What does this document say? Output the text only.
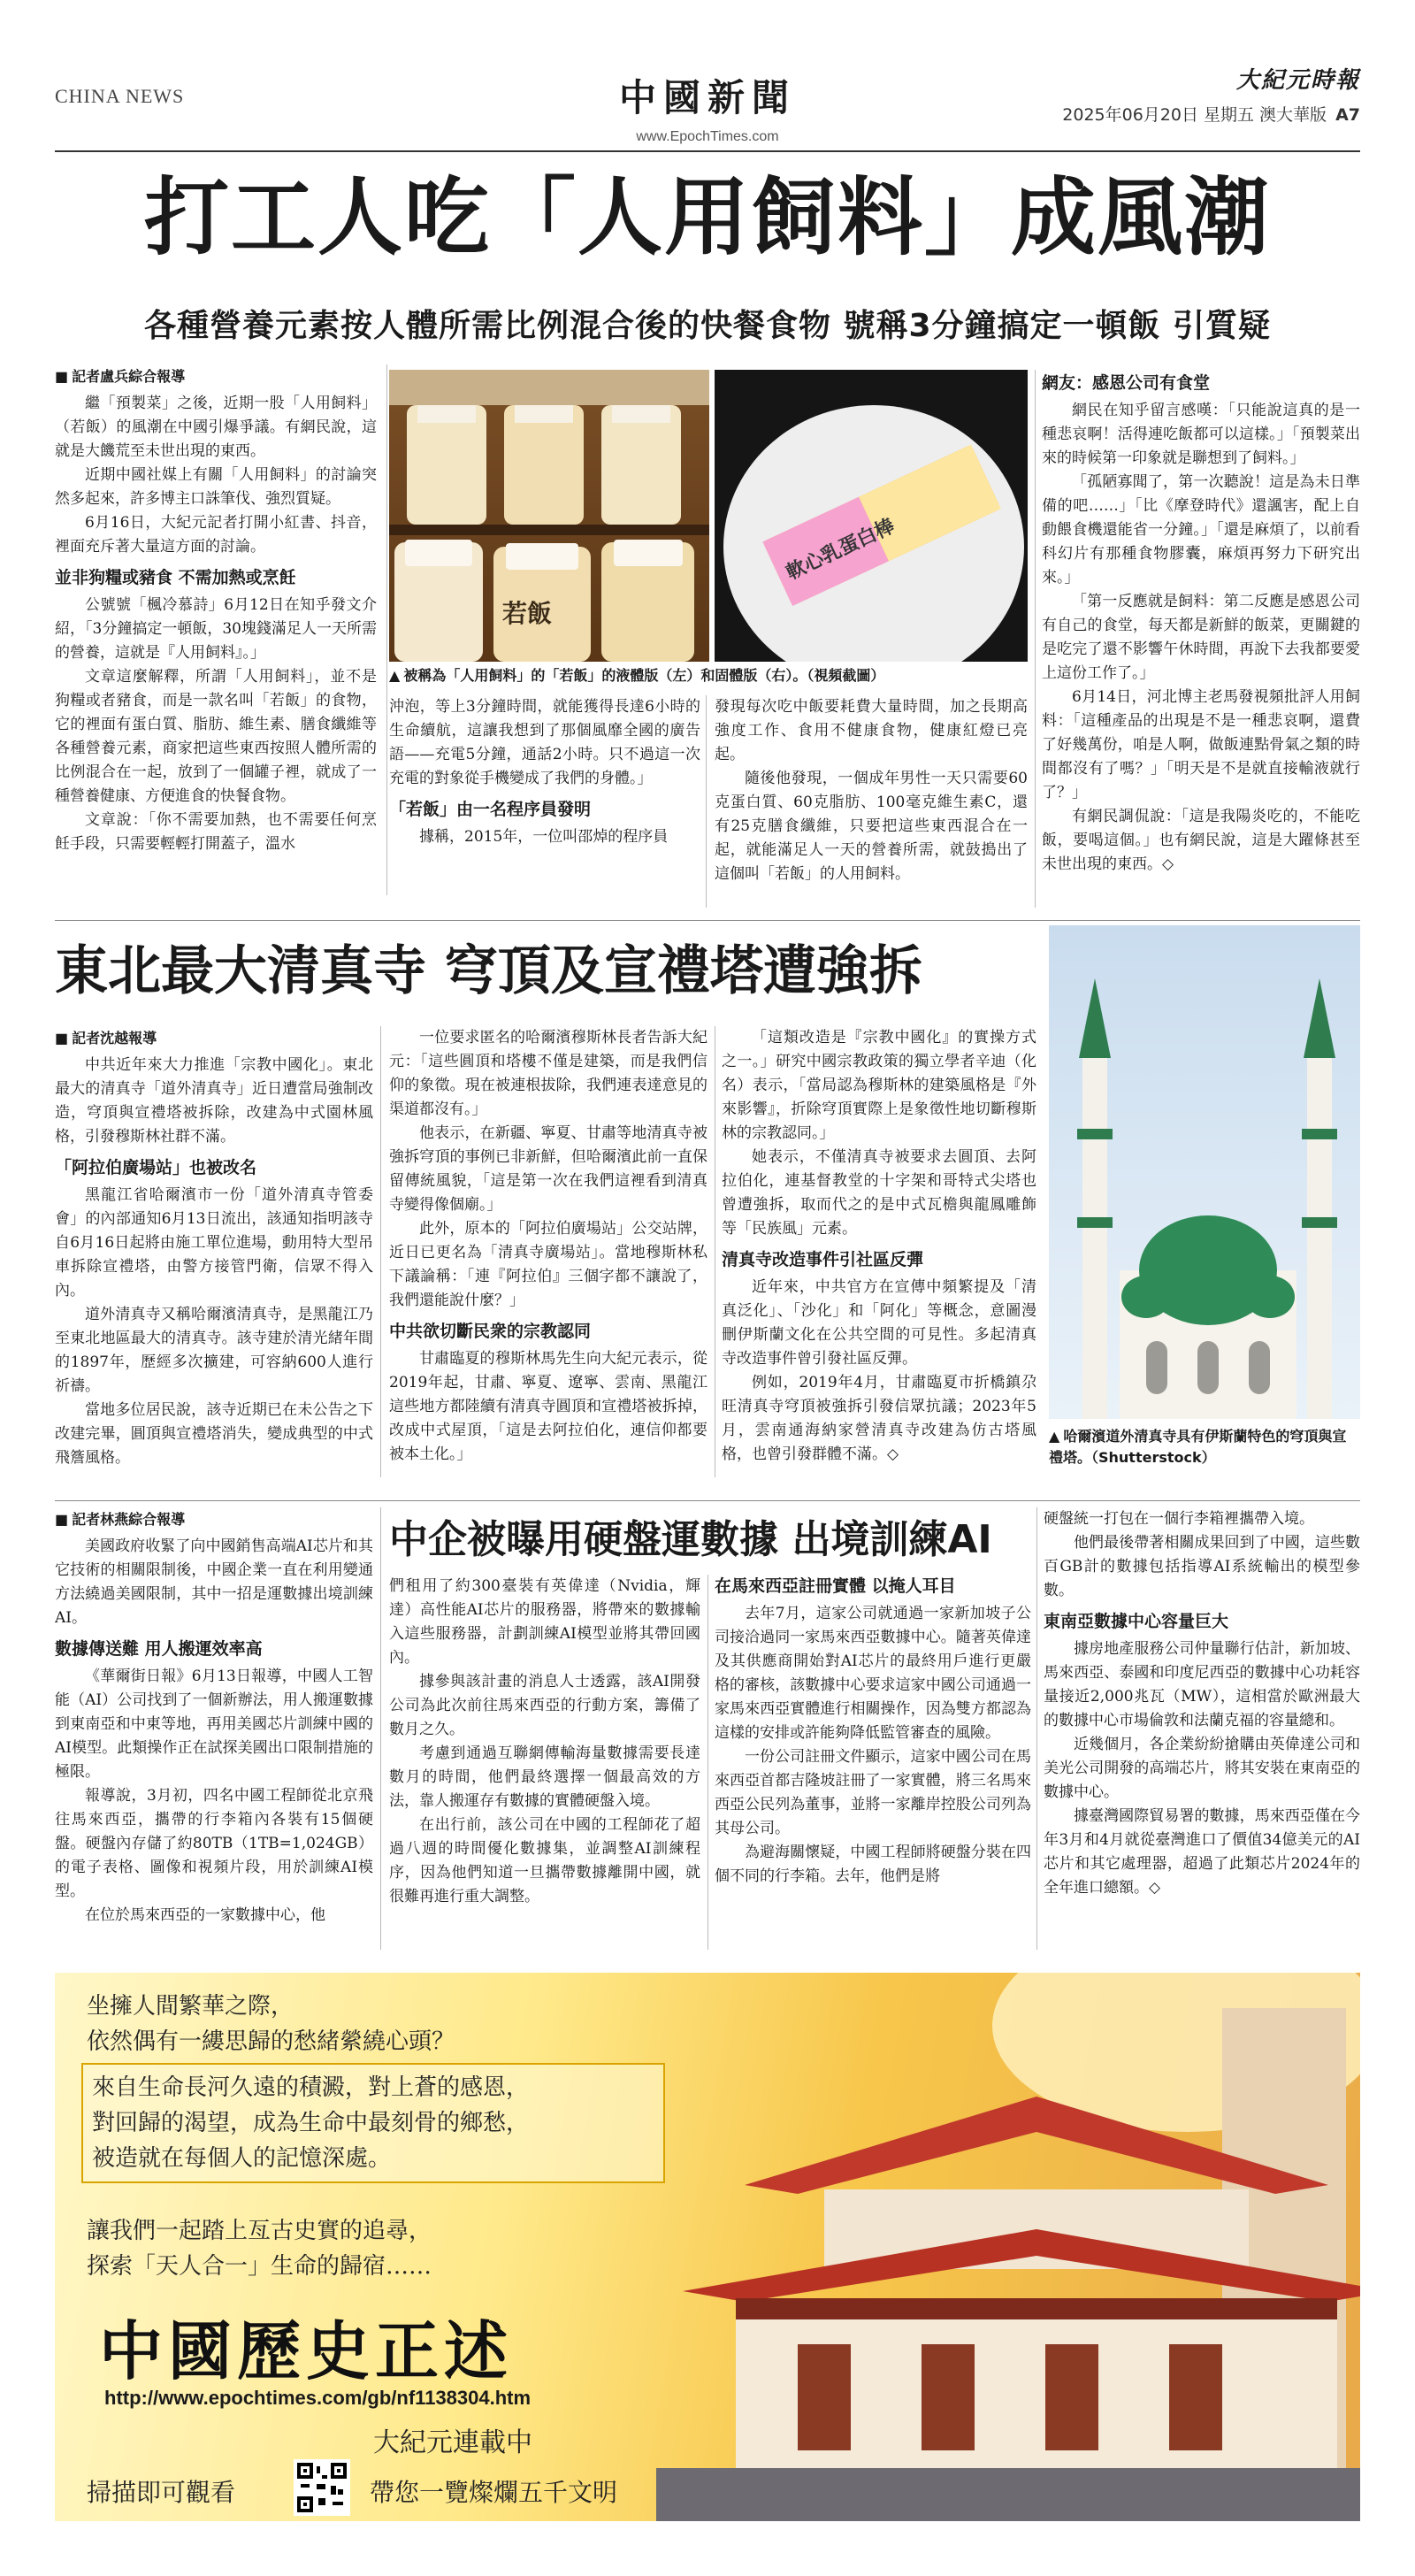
CHINA NEWS	中國新聞
www.EpochTimes.com
大紀元時報
2025年06月20日 星期五 澳大華版 A7
打工人吃「人用飼料」成風潮
各種營養元素按人體所需比例混合後的快餐食物 號稱3分鐘搞定一頓飯 引質疑
■ 記者盧兵綜合報導

繼「預製菜」之後，近期一股「人用飼料」（若飯）的風潮在中國引爆爭議。有網民說，這就是大饑荒至未世出現的東西。

近期中國社媒上有關「人用飼料」的討論突然多起來，許多博主口誅筆伐、強烈質疑。

6月16日，大紀元記者打開小紅書、抖音，裡面充斥著大量這方面的討論。

並非狗糧或豬食 不需加熱或烹飪

公號號「楓冷慕詩」6月12日在知乎發文介紹，「3分鐘搞定一頓飯，30塊錢滿足人一天所需的營養，這就是『人用飼料』。」

文章這麼解釋，所謂「人用飼料」，並不是狗糧或者豬食，而是一款名叫「若飯」的食物，它的裡面有蛋白質、脂肪、維生素、膳食纖維等各種營養元素，商家把這些東西按照人體所需的比例混合在一起，放到了一個罐子裡，就成了一種營養健康、方便進食的快餐食物。

文章說：「你不需要加熱，也不需要任何烹飪手段，只需要輕輕打開蓋子，溫水

若飯
軟心乳蛋白棒
▲ 被稱為「人用飼料」的「若飯」的液體版（左）和固體版（右）。（視頻截圖）

沖泡，等上3分鐘時間，就能獲得長達6小時的生命續航，這讓我想到了那個風靡全國的廣告語——充電5分鐘，通話2小時。只不過這一次充電的對象從手機變成了我們的身體。」

「若飯」由一名程序員發明

據稱，2015年，一位叫邵焯的程序員

發現每次吃中飯要耗費大量時間，加之長期高強度工作、食用不健康食物，健康紅燈已亮起。

隨後他發現，一個成年男性一天只需要60克蛋白質、60克脂肪、100毫克維生素C，還有25克膳食纖維，只要把這些東西混合在一起，就能滿足人一天的營養所需，就鼓搗出了這個叫「若飯」的人用飼料。

網友：感恩公司有食堂

網民在知乎留言感嘆：「只能說這真的是一種悲哀啊！活得連吃飯都可以這樣。」「預製菜出來的時候第一印象就是聯想到了飼料。」

「孤陋寡聞了，第一次聽說！這是為未日準備的吧……」「比《摩登時代》還諷害，配上自動餵食機還能省一分鐘。」「還是麻煩了，以前看科幻片有那種食物膠囊，麻煩再努力下研究出來。」

「第一反應就是飼料：第二反應是感恩公司有自己的食堂，每天都是新鮮的飯菜，更關鍵的是吃完了還不影響午休時間，再說下去我都要愛上這份工作了。」

6月14日，河北博主老馬發視頻批評人用飼料：「這種產品的出現是不是一種悲哀啊，還費了好幾萬份，咱是人啊，做飯連點骨氣之類的時間都沒有了嗎？」「明天是不是就直接輸液就行了？」

有網民調侃說：「這是我陽炎吃的，不能吃飯，要喝這個。」也有網民說，這是大躍條甚至未世出現的東西。◇

東北最大清真寺 穹頂及宣禮塔遭強拆
■ 記者沈越報導

中共近年來大力推進「宗教中國化」。東北最大的清真寺「道外清真寺」近日遭當局強制改造，穹頂與宣禮塔被拆除，改建為中式園林風格，引發穆斯林社群不滿。

「阿拉伯廣場站」也被改名

黑龍江省哈爾濱市一份「道外清真寺管委會」的內部通知6月13日流出，該通知指明該寺自6月16日起將由施工單位進場，動用特大型吊車拆除宣禮塔，由警方接管門衛，信眾不得入內。

道外清真寺又稱哈爾濱清真寺，是黑龍江乃至東北地區最大的清真寺。該寺建於清光緒年間的1897年，歷經多次擴建，可容納600人進行祈禱。

當地多位居民說，該寺近期已在未公告之下改建完畢，圓頂與宣禮塔消失，變成典型的中式飛簷風格。

一位要求匿名的哈爾濱穆斯林長者告訴大紀元：「這些圓頂和塔樓不僅是建築，而是我們信仰的象徵。現在被連根拔除，我們連表達意見的渠道都沒有。」

他表示，在新疆、寧夏、甘肅等地清真寺被強拆穹頂的事例已非新鮮，但哈爾濱此前一直保留傳統風貌，「這是第一次在我們這裡看到清真寺變得像個廟。」

此外，原本的「阿拉伯廣場站」公交站牌，近日已更名為「清真寺廣場站」。當地穆斯林私下議論稱：「連『阿拉伯』三個字都不讓說了，我們還能說什麼？」

中共欲切斷民衆的宗教認同

甘肅臨夏的穆斯林馬先生向大紀元表示，從2019年起，甘肅、寧夏、遼寧、雲南、黑龍江這些地方都陸續有清真寺圓頂和宣禮塔被拆掉，改成中式屋頂，「這是去阿拉伯化，連信仰都要被本土化。」

「這類改造是『宗教中國化』的實操方式之一。」研究中國宗教政策的獨立學者辛迪（化名）表示，「當局認為穆斯林的建築風格是『外來影響』，折除穹頂實際上是象徵性地切斷穆斯林的宗教認同。」

她表示，不僅清真寺被要求去圓頂、去阿拉伯化，連基督教堂的十字架和哥特式尖塔也曾遭強拆，取而代之的是中式瓦檐與龍鳳雕飾等「民族風」元素。

清真寺改造事件引社區反彈

近年來，中共官方在宣傳中頻繁提及「清真泛化」、「沙化」和「阿化」等概念，意圖漫刪伊斯蘭文化在公共空間的可見性。多起清真寺改造事件曾引發社區反彈。

例如，2019年4月，甘肅臨夏市折橋鎮尕旺清真寺穹頂被強拆引發信眾抗議；2023年5月，雲南通海納家營清真寺改建為仿古塔風格，也曾引發群體不滿。◇

▲ 哈爾濱道外清真寺具有伊斯蘭特色的穹頂與宣禮塔。（Shutterstock）
■ 記者林燕綜合報導

美國政府收緊了向中國銷售高端AI芯片和其它技術的相關限制後，中國企業一直在利用變通方法繞過美國限制，其中一招是運數據出境訓練AI。

數據傳送難 用人搬運效率高

《華爾街日報》6月13日報導，中國人工智能（AI）公司找到了一個新辦法，用人搬運數據到東南亞和中東等地，再用美國芯片訓練中國的AI模型。此類操作正在試探美國出口限制措施的極限。

報導說，3月初，四名中國工程師從北京飛往馬來西亞，攜帶的行李箱內各裝有15個硬盤。硬盤內存儲了約80TB（1TB=1,024GB）的電子表格、圖像和視頻片段，用於訓練AI模型。

在位於馬來西亞的一家數據中心，他

中企被曝用硬盤運數據 出境訓練AI

們租用了約300臺裝有英偉達（Nvidia，輝達）高性能AI芯片的服務器，將帶來的數據輸入這些服務器，計劃訓練AI模型並將其帶回國內。

據參與該計畫的消息人士透露，該AI開發公司為此次前往馬來西亞的行動方案，籌備了數月之久。

考慮到通過互聯網傳輸海量數據需要長達數月的時間，他們最終選擇一個最高效的方法，靠人搬運存有數據的實體硬盤入境。

在出行前，該公司在中國的工程師花了超過八週的時間優化數據集，並調整AI訓練程序，因為他們知道一旦攜帶數據離開中國，就很難再進行重大調整。

在馬來西亞註冊實體 以掩人耳目

去年7月，這家公司就通過一家新加坡子公司接洽過同一家馬來西亞數據中心。隨著英偉達及其供應商開始對AI芯片的最終用戶進行更嚴格的審核，該數據中心要求這家中國公司通過一家馬來西亞實體進行相關操作，因為雙方都認為這樣的安排或許能夠降低監管審查的風險。

一份公司註冊文件顯示，這家中國公司在馬來西亞首都吉隆坡註冊了一家實體，將三名馬來西亞公民列為董事，並將一家離岸控股公司列為其母公司。

為避海關懷疑，中國工程師將硬盤分裝在四個不同的行李箱。去年，他們是將

硬盤統一打包在一個行李箱裡攜帶入境。

他們最後帶著相關成果回到了中國，這些數百GB計的數據包括指導AI系統輸出的模型參數。

東南亞數據中心容量巨大

據房地產服務公司仲量聯行估計，新加坡、馬來西亞、泰國和印度尼西亞的數據中心功耗容量接近2,000兆瓦（MW），這相當於歐洲最大的數據中心市場倫敦和法蘭克福的容量總和。

近幾個月，各企業紛紛搶購由英偉達公司和美光公司開發的高端芯片，將其安裝在東南亞的數據中心。

據臺灣國際貿易署的數據，馬來西亞僅在今年3月和4月就從臺灣進口了價值34億美元的AI芯片和其它處理器，超過了此類芯片2024年的全年進口總額。◇

坐擁人間繁華之際，
依然偶有一縷思歸的愁緒縈繞心頭？
來自生命長河久遠的積澱，對上蒼的感恩，
對回歸的渴望，成為生命中最刻骨的鄉愁，
被造就在每個人的記憶深處。
讓我們一起踏上亙古史實的追尋，
探索「天人合一」生命的歸宿……
中國歷史正述
http://www.epochtimes.com/gb/nf1138304.htm
大紀元連載中
掃描即可觀看	帶您一覽燦爛五千文明
